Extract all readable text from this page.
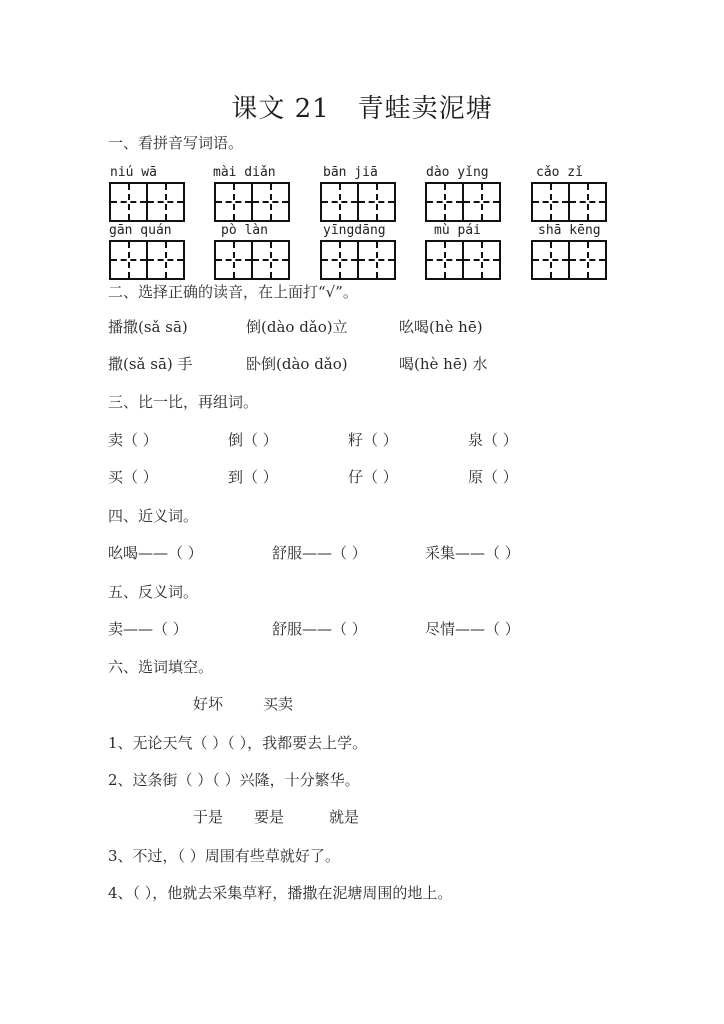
课文 21 青蛙卖泥塘
一、看拼音写词语。
niú wā	mài diǎn	bān jiā	dào yǐng	cǎo zǐ
gān quán	pò làn	yīngdāng	mù pái	shā kēng
二、选择正确的读音，在上面打“√”。
播撒(sǎ sā)	倒(dào dǎo)立	吆喝(hè hē)
撒(sǎ sā) 手	卧倒(dào dǎo)	喝(hè hē) 水
三、比一比，再组词。
卖（ ）	倒（ ）	籽（ ）	泉（ ）
买（ ）	到（ ）	仔（ ）	原（ ）
四、近义词。
吆喝——（ ）	舒服——（ ）	采集——（ ）
五、反义词。
卖——（ ）	舒服——（ ）	尽情——（ ）
六、选词填空。
好坏	买卖
1、无论天气（ ）（ ），我都要去上学。
2、这条街（ ）（ ）兴隆，十分繁华。
于是 要是	就是
3、不过，（ ）周围有些草就好了。
4、（ ），他就去采集草籽，播撒在泥塘周围的地上。
